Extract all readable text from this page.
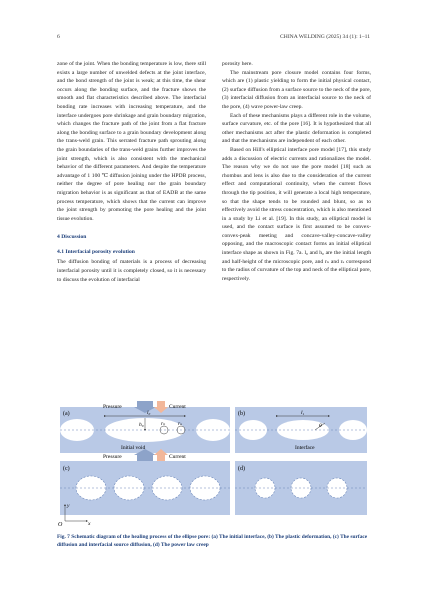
6	CHINA WELDING (2025) 34 (1): 1–11

zone of the joint. When the bonding temperature is low, there still exists a large number of unwelded defects at the joint interface, and the bond strength of the joint is weak; at this time, the shear occurs along the bonding surface, and the fracture shows the smooth and flat characteristics described above. The interfacial bonding rate increases with increasing temperature, and the interface undergoes pore shrinkage and grain boundary migration, which changes the fracture path of the joint from a flat fracture along the bonding surface to a grain boundary development along the trans-weld grain. This serrated fracture path sprouting along the grain boundaries of the trans-weld grains further improves the joint strength, which is also consistent with the mechanical behavior of the different parameters. And despite the temperature advantage of 1 100 ℃ diffusion joining under the HPDB process, neither the degree of pore healing nor the grain boundary migration behavior is as significant as that of EADB at the same process temperature, which shows that the current can improve the joint strength by promoting the pore healing and the joint tissue evolution.

4 Discussion
4.1 Interfacial porosity evolution

The diffusion bonding of materials is a process of decreasing interfacial porosity until it is completely closed, so it is necessary to discuss the evolution of interfacial

porosity here.

The mainstream pore closure model contains four forms, which are (1) plastic yielding to form the initial physical contact, (2) surface diffusion from a surface source to the neck of the pore, (3) interfacial diffusion from an interfacial source to the neck of the pore, (4) wave power-law creep.

Each of these mechanisms plays a different role in the volume, surface curvature, etc. of the pore [16]. It is hypothesized that all other mechanisms act after the plastic deformation is completed and that the mechanisms are independent of each other.

Based on Hill's elliptical interface pore model [17], this study adds a discussion of electric currents and rationalizes the model. The reason why we do not use the pore model [18] such as rhombus and lens is also due to the consideration of the current effect and computational continuity, when the current flows through the tip position, it will generate a local high temperature, so that the shape tends to be rounded and blunt, so as to effectively avoid the stress concentration, which is also mentioned in a study by Li et al. [19]. In this study, an elliptical model is used, and the contact surface is first assumed to be convex-convex-peak meeting and concave-valley-concave-valley opposing, and the macroscopic contact forms an initial elliptical interface shape as shown in Fig. 7a. l₀ and h₀ are the initial length and half-height of the microscopic pore, and rₙ and rₛ correspond to the radius of curvature of the top and neck of the elliptical pore, respectively.

(a)
Pressure	Current
Pressure	Current
Initial void
l₀
h₀	rₙ rₛ
(b)	l₁
θ
Interface
(c)	(d)
O	x
y
Fig. 7 Schematic diagram of the healing process of the ellipse pore: (a) The initial interface, (b) The plastic deformation, (c) The surface diffusion and interfacial source diffusion, (d) The power law creep
